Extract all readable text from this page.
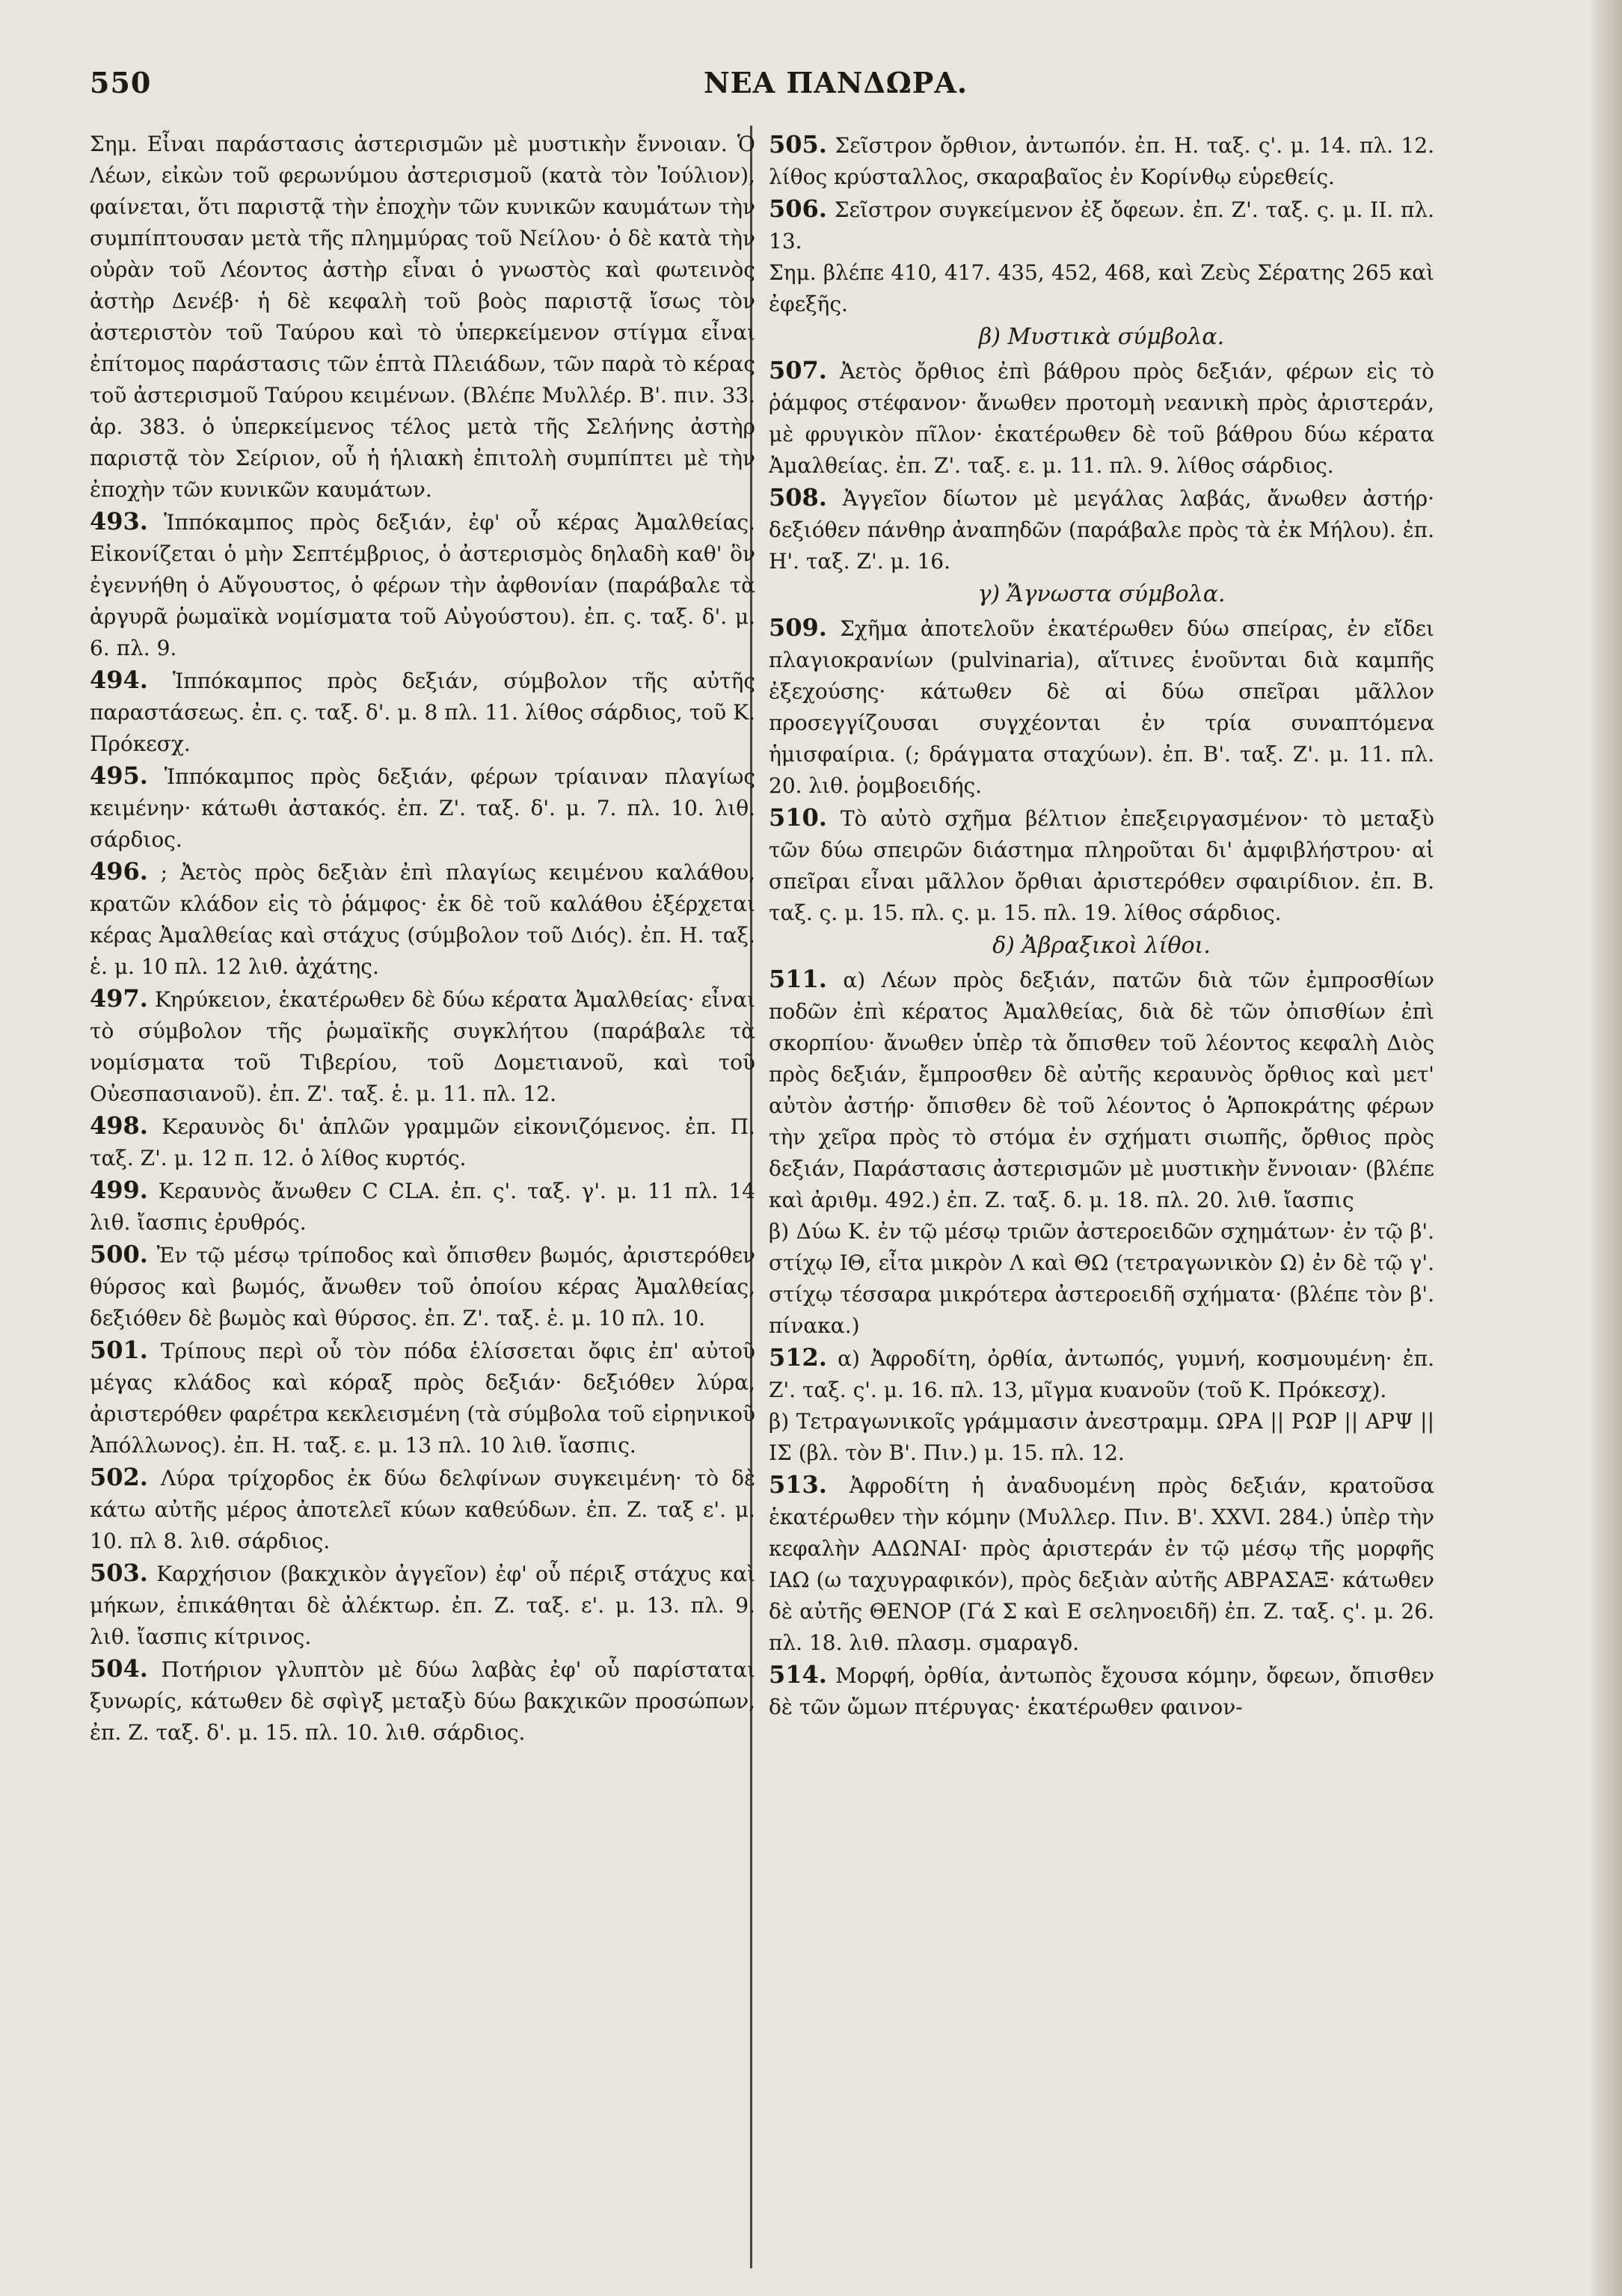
550	ΝΕΑ ΠΑΝΔΩΡΑ.

Σημ. Εἶναι παράστασις ἀστερισμῶν μὲ μυστικὴν ἔννοιαν. Ὁ Λέων, εἰκὼν τοῦ φερωνύμου ἀστερισμοῦ (κατὰ τὸν Ἰούλιον), φαίνεται, ὅτι παριστᾷ τὴν ἐποχὴν τῶν κυνικῶν καυμάτων τὴν συμπίπτουσαν μετὰ τῆς πλημμύρας τοῦ Νείλου· ὁ δὲ κατὰ τὴν οὐρὰν τοῦ Λέοντος ἀστὴρ εἶναι ὁ γνωστὸς καὶ φωτεινὸς ἀστὴρ Δενέβ· ἡ δὲ κεφαλὴ τοῦ βοὸς παριστᾷ ἴσως τὸν ἀστεριστὸν τοῦ Ταύρου καὶ τὸ ὑπερκείμενον στίγμα εἶναι ἐπίτομος παράστασις τῶν ἑπτὰ Πλειάδων, τῶν παρὰ τὸ κέρας τοῦ ἀστερισμοῦ Ταύρου κειμένων. (Βλέπε Μυλλέρ. Β'. πιν. 33. ἀρ. 383. ὁ ὑπερκείμενος τέλος μετὰ τῆς Σελήνης ἀστὴρ παριστᾷ τὸν Σείριον, οὗ ἡ ἡλιακὴ ἐπιτολὴ συμπίπτει μὲ τὴν ἐποχὴν τῶν κυνικῶν καυμάτων.

493. Ἱππόκαμπος πρὸς δεξιάν, ἐφ' οὗ κέρας Ἀμαλθείας. Εἰκονίζεται ὁ μὴν Σεπτέμβριος, ὁ ἀστερισμὸς δηλαδὴ καθ' ὃν ἐγεννήθη ὁ Αὔγουστος, ὁ φέρων τὴν ἀφθονίαν (παράβαλε τὰ ἀργυρᾶ ῥωμαϊκὰ νομίσματα τοῦ Αὐγούστου). ἐπ. ς. ταξ. δ'. μ. 6. πλ. 9.

494. Ἱππόκαμπος πρὸς δεξιάν, σύμβολον τῆς αὐτῆς παραστάσεως. ἐπ. ς. ταξ. δ'. μ. 8 πλ. 11. λίθος σάρδιος, τοῦ Κ. Πρόκεσχ.

495. Ἱππόκαμπος πρὸς δεξιάν, φέρων τρίαιναν πλαγίως κειμένην· κάτωθι ἀστακός. ἐπ. Ζ'. ταξ. δ'. μ. 7. πλ. 10. λιθ. σάρδιος.

496. ; Ἀετὸς πρὸς δεξιὰν ἐπὶ πλαγίως κειμένου καλάθου, κρατῶν κλάδον εἰς τὸ ῥάμφος· ἐκ δὲ τοῦ καλάθου ἐξέρχεται κέρας Ἀμαλθείας καὶ στάχυς (σύμβολον τοῦ Διός). ἐπ. Η. ταξ. ἑ. μ. 10 πλ. 12 λιθ. ἀχάτης.

497. Κηρύκειον, ἑκατέρωθεν δὲ δύω κέρατα Ἀμαλθείας· εἶναι τὸ σύμβολον τῆς ῥωμαϊκῆς συγκλήτου (παράβαλε τὰ νομίσματα τοῦ Τιβερίου, τοῦ Δομετιανοῦ, καὶ τοῦ Οὐεσπασιανοῦ). ἐπ. Ζ'. ταξ. ἑ. μ. 11. πλ. 12.

498. Κεραυνὸς δι' ἁπλῶν γραμμῶν εἰκονιζόμενος. ἐπ. Π. ταξ. Ζ'. μ. 12 π. 12. ὁ λίθος κυρτός.

499. Κεραυνὸς ἄνωθεν C CLA. ἐπ. ς'. ταξ. γ'. μ. 11 πλ. 14 λιθ. ἴασπις ἐρυθρός.

500. Ἐν τῷ μέσῳ τρίποδος καὶ ὄπισθεν βωμός, ἀριστερόθεν θύρσος καὶ βωμός, ἄνωθεν τοῦ ὁποίου κέρας Ἀμαλθείας, δεξιόθεν δὲ βωμὸς καὶ θύρσος. ἐπ. Ζ'. ταξ. ἑ. μ. 10 πλ. 10.

501. Τρίπους περὶ οὗ τὸν πόδα ἑλίσσεται ὄφις ἐπ' αὐτοῦ μέγας κλάδος καὶ κόραξ πρὸς δεξιάν· δεξιόθεν λύρα, ἀριστερόθεν φαρέτρα κεκλεισμένη (τὰ σύμβολα τοῦ εἰρηνικοῦ Ἀπόλλωνος). ἐπ. Η. ταξ. ε. μ. 13 πλ. 10 λιθ. ἴασπις.

502. Λύρα τρίχορδος ἐκ δύω δελφίνων συγκειμένη· τὸ δὲ κάτω αὐτῆς μέρος ἀποτελεῖ κύων καθεύδων. ἐπ. Ζ. ταξ ε'. μ. 10. πλ 8. λιθ. σάρδιος.

503. Καρχήσιον (βακχικὸν ἀγγεῖον) ἐφ' οὗ πέριξ στάχυς καὶ μήκων, ἐπικάθηται δὲ ἀλέκτωρ. ἐπ. Ζ. ταξ. ε'. μ. 13. πλ. 9. λιθ. ἴασπις κίτρινος.

504. Ποτήριον γλυπτὸν μὲ δύω λαβὰς ἐφ' οὗ παρίσταται ξυνωρίς, κάτωθεν δὲ σφὶγξ μεταξὺ δύω βακχικῶν προσώπων, ἐπ. Ζ. ταξ. δ'. μ. 15. πλ. 10. λιθ. σάρδιος.

505. Σεῖστρον ὄρθιον, ἀντωπόν. ἐπ. Η. ταξ. ς'. μ. 14. πλ. 12. λίθος κρύσταλλος, σκαραβαῖος ἐν Κορίνθῳ εὑρεθείς.

506. Σεῖστρον συγκείμενον ἐξ ὄφεων. ἐπ. Ζ'. ταξ. ς. μ. ΙΙ. πλ. 13.

Σημ. βλέπε 410, 417. 435, 452, 468, καὶ Ζεὺς Σέρατης 265 καὶ ἐφεξῆς.

β) Μυστικὰ σύμβολα.

507. Ἀετὸς ὄρθιος ἐπὶ βάθρου πρὸς δεξιάν, φέρων εἰς τὸ ῥάμφος στέφανον· ἄνωθεν προτομὴ νεανικὴ πρὸς ἀριστεράν, μὲ φρυγικὸν πῖλον· ἑκατέρωθεν δὲ τοῦ βάθρου δύω κέρατα Ἀμαλθείας. ἐπ. Ζ'. ταξ. ε. μ. 11. πλ. 9. λίθος σάρδιος.

508. Ἀγγεῖον δίωτον μὲ μεγάλας λαβάς, ἄνωθεν ἀστήρ· δεξιόθεν πάνθηρ ἀναπηδῶν (παράβαλε πρὸς τὰ ἐκ Μήλου). ἐπ. Η'. ταξ. Ζ'. μ. 16.

γ) Ἄγνωστα σύμβολα.

509. Σχῆμα ἀποτελοῦν ἑκατέρωθεν δύω σπείρας, ἐν εἴδει πλαγιοκρανίων (pulvinaria), αἵτινες ἑνοῦνται διὰ καμπῆς ἐξεχούσης· κάτωθεν δὲ αἱ δύω σπεῖραι μᾶλλον προσεγγίζουσαι συγχέονται ἐν τρία συναπτόμενα ἡμισφαίρια. (; δράγματα σταχύων). ἐπ. Β'. ταξ. Ζ'. μ. 11. πλ. 20. λιθ. ῥομβοειδής.

510. Τὸ αὐτὸ σχῆμα βέλτιον ἐπεξειργασμένον· τὸ μεταξὺ τῶν δύω σπειρῶν διάστημα πληροῦται δι' ἀμφιβλήστρου· αἱ σπεῖραι εἶναι μᾶλλον ὄρθιαι ἀριστερόθεν σφαιρίδιον. ἐπ. Β. ταξ. ς. μ. 15. πλ. ς. μ. 15. πλ. 19. λίθος σάρδιος.

δ) Ἀβραξικοὶ λίθοι.

511. α) Λέων πρὸς δεξιάν, πατῶν διὰ τῶν ἐμπροσθίων ποδῶν ἐπὶ κέρατος Ἀμαλθείας, διὰ δὲ τῶν ὀπισθίων ἐπὶ σκορπίου· ἄνωθεν ὑπὲρ τὰ ὄπισθεν τοῦ λέοντος κεφαλὴ Διὸς πρὸς δεξιάν, ἔμπροσθεν δὲ αὐτῆς κεραυνὸς ὄρθιος καὶ μετ' αὐτὸν ἀστήρ· ὄπισθεν δὲ τοῦ λέοντος ὁ Ἁρποκράτης φέρων τὴν χεῖρα πρὸς τὸ στόμα ἐν σχήματι σιωπῆς, ὄρθιος πρὸς δεξιάν, Παράστασις ἀστερισμῶν μὲ μυστικὴν ἔννοιαν· (βλέπε καὶ ἀριθμ. 492.) ἐπ. Ζ. ταξ. δ. μ. 18. πλ. 20. λιθ. ἴασπις

β) Δύω Κ. ἐν τῷ μέσῳ τριῶν ἀστεροειδῶν σχημάτων· ἐν τῷ β'. στίχῳ ΙΘ, εἶτα μικρὸν Λ καὶ ΘΩ (τετραγωνικὸν Ω) ἐν δὲ τῷ γ'. στίχῳ τέσσαρα μικρότερα ἀστεροειδῆ σχήματα· (βλέπε τὸν β'. πίνακα.)

512. α) Ἀφροδίτη, ὀρθία, ἀντωπός, γυμνή, κοσμουμένη· ἐπ. Ζ'. ταξ. ς'. μ. 16. πλ. 13, μῖγμα κυανοῦν (τοῦ Κ. Πρόκεσχ).

β) Τετραγωνικοῖς γράμμασιν ἀνεστραμμ. ΩΡΑ || ΡΩΡ || ΑΡΨ || ΙΣ (βλ. τὸν Β'. Πιν.) μ. 15. πλ. 12.

513. Ἀφροδίτη ἡ ἀναδυομένη πρὸς δεξιάν, κρατοῦσα ἑκατέρωθεν τὴν κόμην (Μυλλερ. Πιν. Β'. XXVI. 284.) ὑπὲρ τὴν κεφαλὴν ΑΔΩΝΑΙ· πρὸς ἀριστεράν ἐν τῷ μέσῳ τῆς μορφῆς ΙΑΩ (ω ταχυγραφικόν), πρὸς δεξιὰν αὐτῆς ΑΒΡΑΣΑΞ· κάτωθεν δὲ αὐτῆς ΘΕΝΟΡ (Γά Σ καὶ Ε σεληνοειδῆ) ἐπ. Ζ. ταξ. ς'. μ. 26. πλ. 18. λιθ. πλασμ. σμαραγδ.

514. Μορφή, ὀρθία, ἀντωπὸς ἔχουσα κόμην, ὄφεων, ὄπισθεν δὲ τῶν ὤμων πτέρυγας· ἑκατέρωθεν φαινον-
